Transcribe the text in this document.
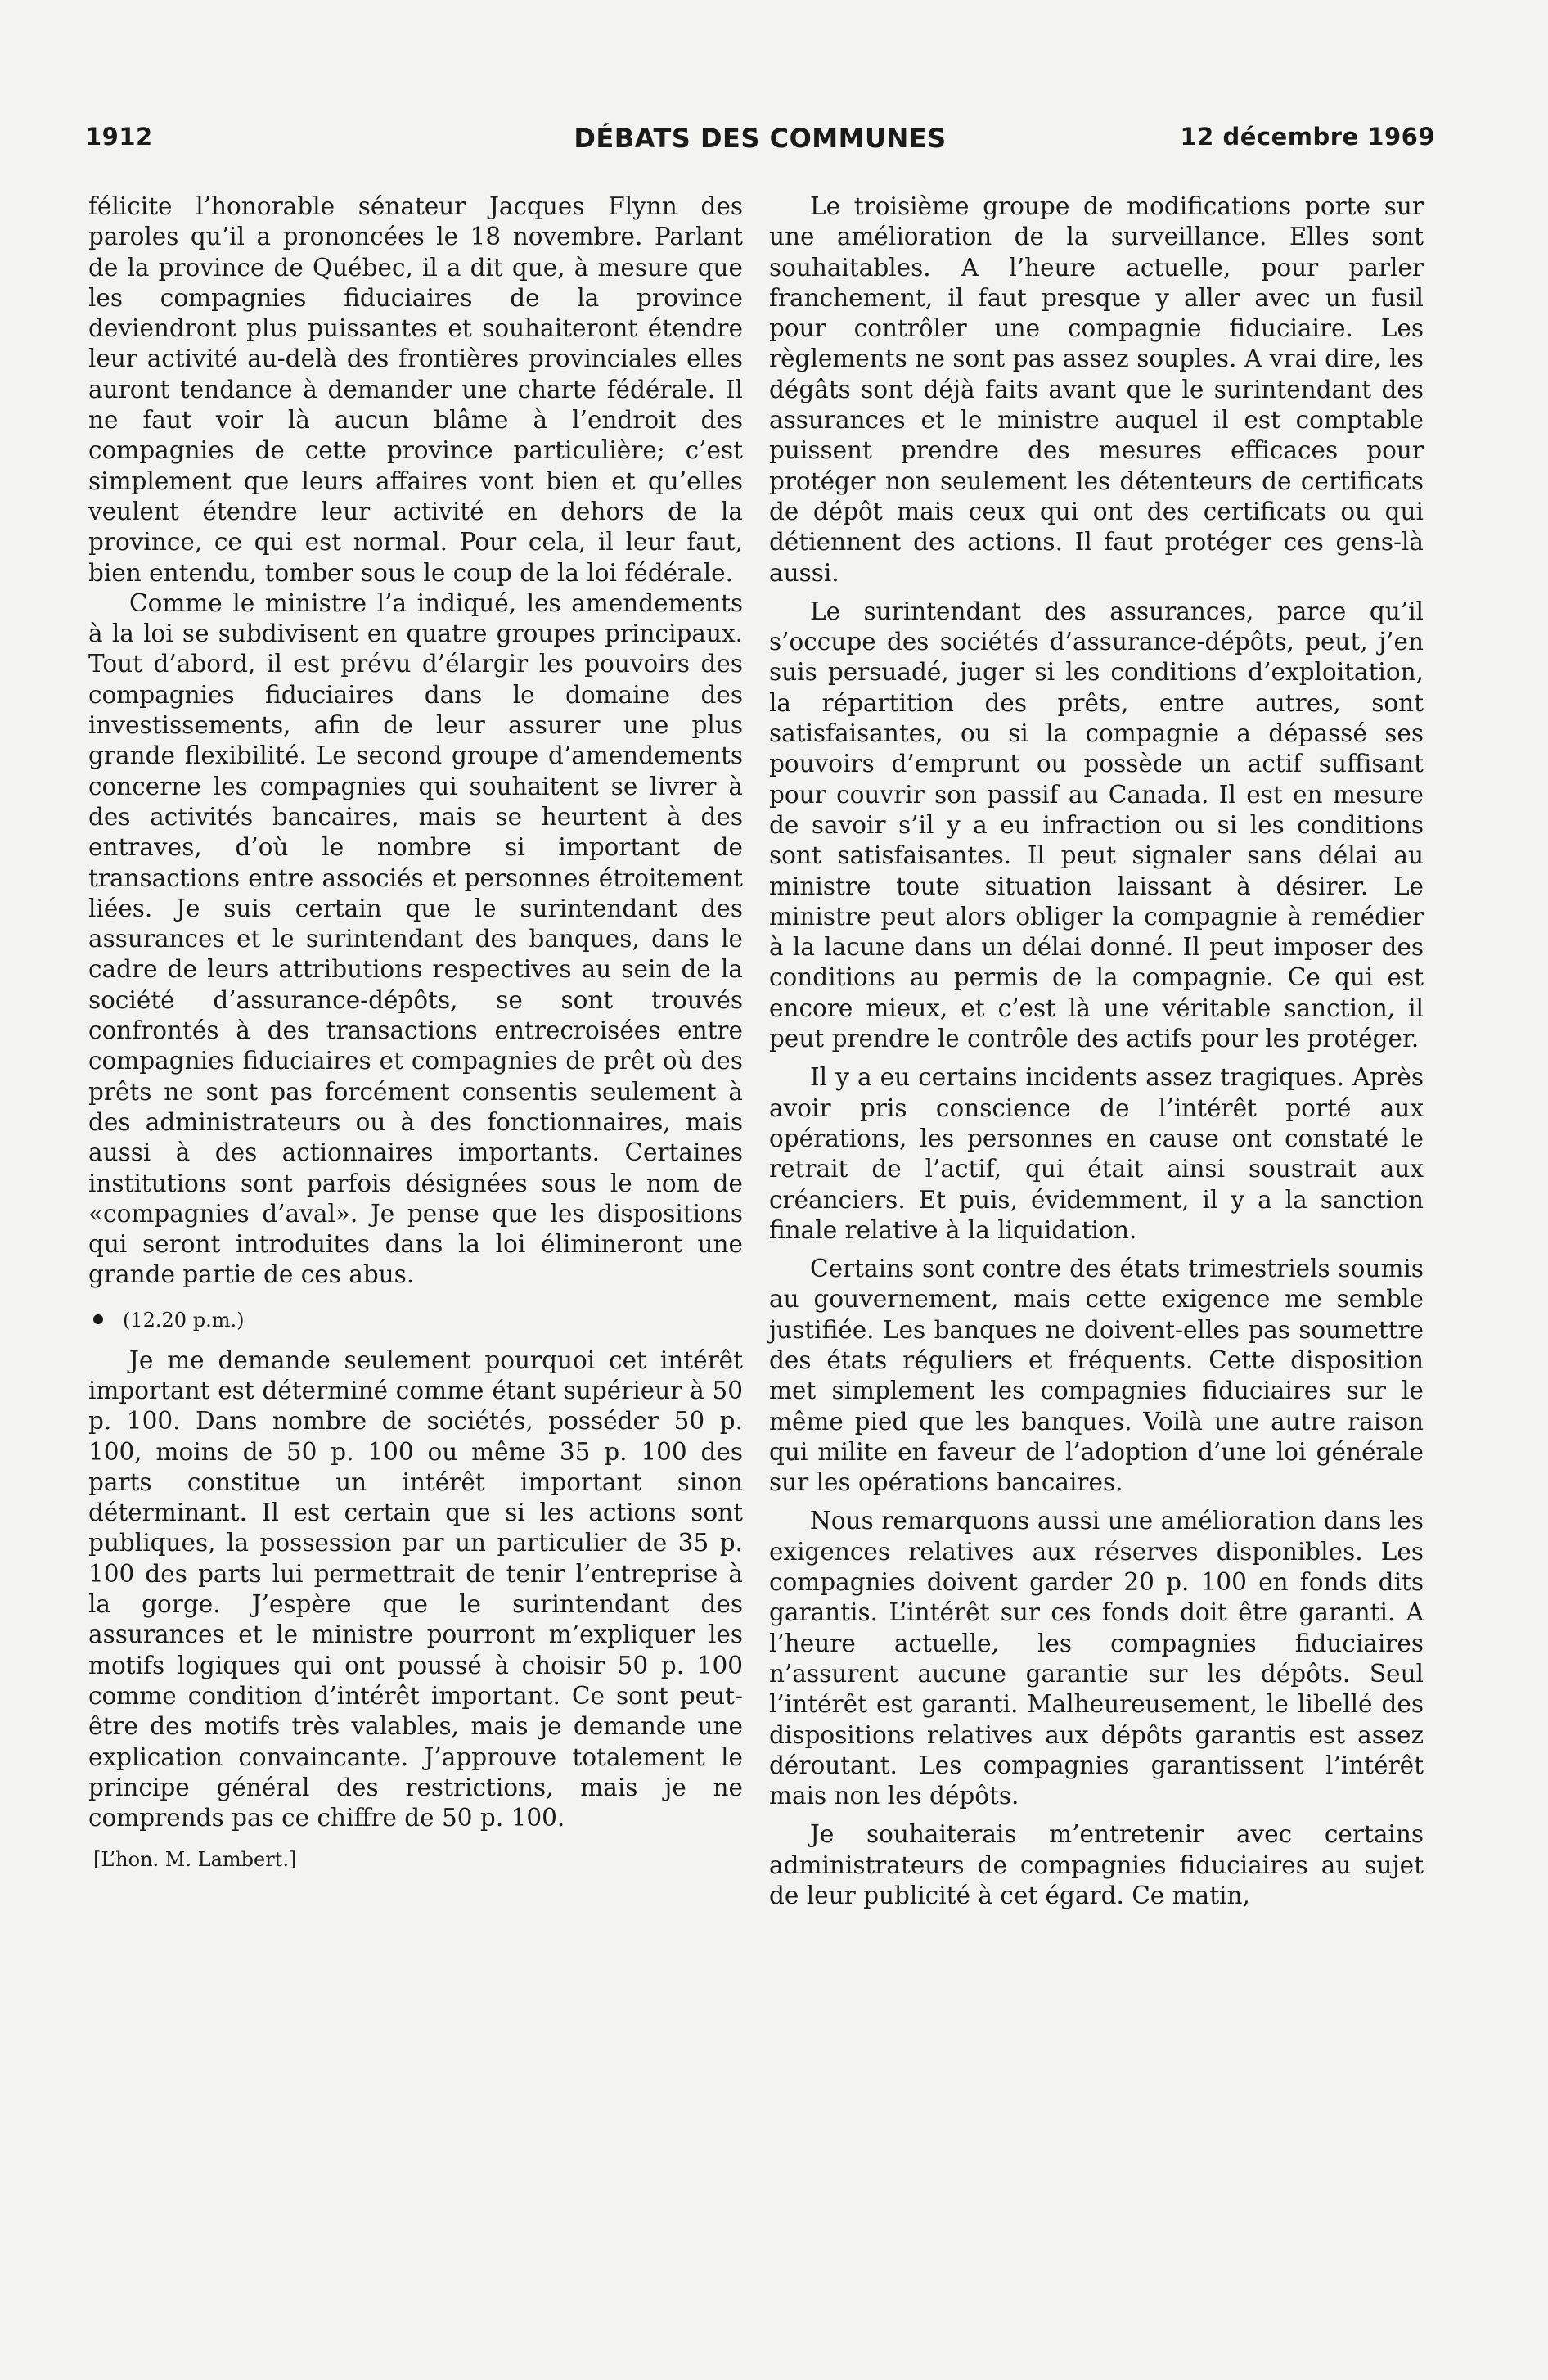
1912	DÉBATS DES COMMUNES	12 décembre 1969

félicite l’honorable sénateur Jacques Flynn des paroles qu’il a prononcées le 18 novembre. Parlant de la province de Québec, il a dit que, à mesure que les compagnies fiduciaires de la province deviendront plus puissantes et souhaiteront étendre leur activité au-delà des frontières provinciales elles auront tendance à demander une charte fédérale. Il ne faut voir là aucun blâme à l’endroit des compagnies de cette province particulière; c’est simplement que leurs affaires vont bien et qu’elles veulent étendre leur activité en dehors de la province, ce qui est normal. Pour cela, il leur faut, bien entendu, tomber sous le coup de la loi fédérale.

Comme le ministre l’a indiqué, les amendements à la loi se subdivisent en quatre groupes principaux. Tout d’abord, il est prévu d’élargir les pouvoirs des compagnies fiduciaires dans le domaine des investissements, afin de leur assurer une plus grande flexibilité. Le second groupe d’amendements concerne les compagnies qui souhaitent se livrer à des activités bancaires, mais se heurtent à des entraves, d’où le nombre si important de transactions entre associés et personnes étroitement liées. Je suis certain que le surintendant des assurances et le surintendant des banques, dans le cadre de leurs attributions respectives au sein de la société d’assurance-dépôts, se sont trouvés confrontés à des transactions entrecroisées entre compagnies fiduciaires et compagnies de prêt où des prêts ne sont pas forcément consentis seulement à des administrateurs ou à des fonctionnaires, mais aussi à des actionnaires importants. Certaines institutions sont parfois désignées sous le nom de «compagnies d’aval». Je pense que les dispositions qui seront introduites dans la loi élimineront une grande partie de ces abus.

(12.20 p.m.)

Je me demande seulement pourquoi cet intérêt important est déterminé comme étant supérieur à 50 p. 100. Dans nombre de sociétés, posséder 50 p. 100, moins de 50 p. 100 ou même 35 p. 100 des parts constitue un intérêt important sinon déterminant. Il est certain que si les actions sont publiques, la possession par un particulier de 35 p. 100 des parts lui permettrait de tenir l’entreprise à la gorge. J’espère que le surintendant des assurances et le ministre pourront m’expliquer les motifs logiques qui ont poussé à choisir 50 p. 100 comme condition d’intérêt important. Ce sont peut-être des motifs très valables, mais je demande une explication convaincante. J’approuve totalement le principe général des restrictions, mais je ne comprends pas ce chiffre de 50 p. 100.

[L’hon. M. Lambert.]

Le troisième groupe de modifications porte sur une amélioration de la surveillance. Elles sont souhaitables. A l’heure actuelle, pour parler franchement, il faut presque y aller avec un fusil pour contrôler une compagnie fiduciaire. Les règlements ne sont pas assez souples. A vrai dire, les dégâts sont déjà faits avant que le surintendant des assurances et le ministre auquel il est comptable puissent prendre des mesures efficaces pour protéger non seulement les détenteurs de certificats de dépôt mais ceux qui ont des certificats ou qui détiennent des actions. Il faut protéger ces gens-là aussi.

Le surintendant des assurances, parce qu’il s’occupe des sociétés d’assurance-dépôts, peut, j’en suis persuadé, juger si les conditions d’exploitation, la répartition des prêts, entre autres, sont satisfaisantes, ou si la compagnie a dépassé ses pouvoirs d’emprunt ou possède un actif suffisant pour couvrir son passif au Canada. Il est en mesure de savoir s’il y a eu infraction ou si les conditions sont satisfaisantes. Il peut signaler sans délai au ministre toute situation laissant à désirer. Le ministre peut alors obliger la compagnie à remédier à la lacune dans un délai donné. Il peut imposer des conditions au permis de la compagnie. Ce qui est encore mieux, et c’est là une véritable sanction, il peut prendre le contrôle des actifs pour les protéger.

Il y a eu certains incidents assez tragiques. Après avoir pris conscience de l’intérêt porté aux opérations, les personnes en cause ont constaté le retrait de l’actif, qui était ainsi soustrait aux créanciers. Et puis, évidemment, il y a la sanction finale relative à la liquidation.

Certains sont contre des états trimestriels soumis au gouvernement, mais cette exigence me semble justifiée. Les banques ne doivent-elles pas soumettre des états réguliers et fréquents. Cette disposition met simplement les compagnies fiduciaires sur le même pied que les banques. Voilà une autre raison qui milite en faveur de l’adoption d’une loi générale sur les opérations bancaires.

Nous remarquons aussi une amélioration dans les exigences relatives aux réserves disponibles. Les compagnies doivent garder 20 p. 100 en fonds dits garantis. L’intérêt sur ces fonds doit être garanti. A l’heure actuelle, les compagnies fiduciaires n’assurent aucune garantie sur les dépôts. Seul l’intérêt est garanti. Malheureusement, le libellé des dispositions relatives aux dépôts garantis est assez déroutant. Les compagnies garantissent l’intérêt mais non les dépôts.

Je souhaiterais m’entretenir avec certains administrateurs de compagnies fiduciaires au sujet de leur publicité à cet égard. Ce matin,
